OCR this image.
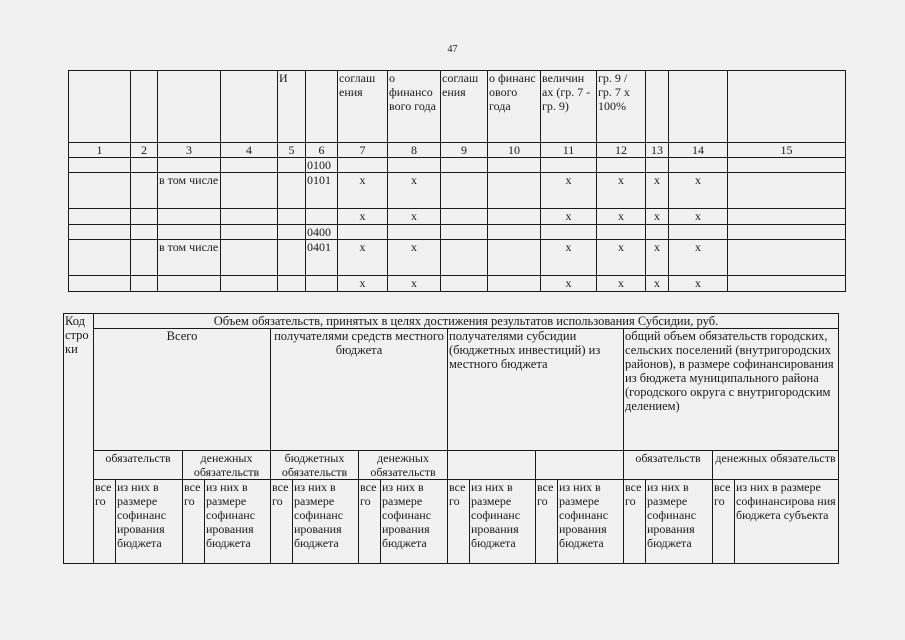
47
				И		соглаш ения	о финансо вого года	соглаш ения	о финанс ового года	величин ах (гр. 7 - гр. 9)	гр. 9 / гр. 7 х 100%			
1	2	3	4	5	6	7	8	9	10	11	12	13	14	15
					0100									
		в том числе			0101	х	х			х	х	х	х	
						х	х			х	х	х	х	
					0400									
		в том числе			0401	х	х			х	х	х	х	
						х	х			х	х	х	х	
Код стро ки	Объем обязательств, принятых в целях достижения результатов использования Субсидии, руб.															
	Всего				получателями средств местного бюджета				получателями субсидии (бюджетных инвестиций) из местного бюджета				общий объем обязательств городских, сельских поселений (внутригородских районов), в размере софинансирования из бюджета муниципального района (городского округа с внутригородским делением)			
	обязательств		денежных обязательств		бюджетных обязательств		денежных обязательств						обязательств		денежных обязательств	
	все го	из них в размере софинанс ирования бюджета	все го	из них в размере софинанс ирования бюджета	все го	из них в размере софинанс ирования бюджета	все го	из них в размере софинанс ирования бюджета	все го	из них в размере софинанс ирования бюджета	все го	из них в размере софинанс ирования бюджета	все го	из них в размере софинанс ирования бюджета	все го	из них в размере софинансирова ния бюджета субъекта
